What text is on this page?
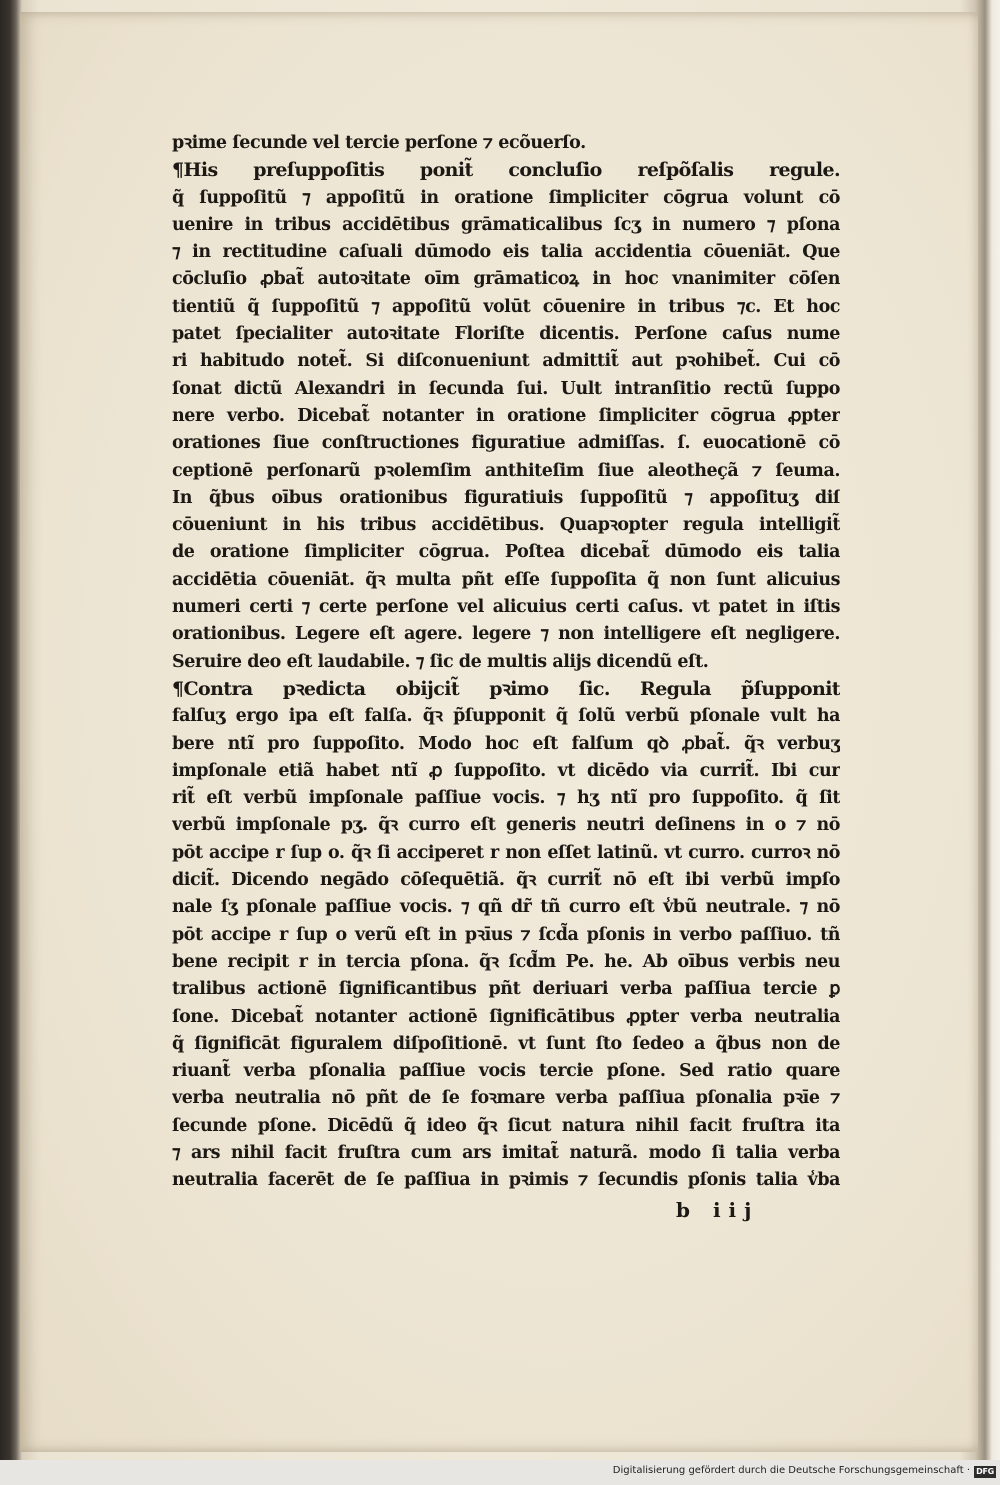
pꝛime ſecunde vel tercie perſone ⁊ ecõuerſo.
¶His preſuppoſitis ponit̃ concluſio reſpõſalis regule.
q̃ ſuppoſitũ ⁊ appoſitũ in oratione ſimpliciter cōgrua volunt cō
uenire in tribus accidētibus grāmaticalibus ſcʒ in numero ⁊ pſona
⁊ in rectitudine caſuali dūmodo eis talia accidentia cōueniāt. Que
cōcluſio ꝓbat̃ autoꝛitate oīm grāmaticoꝝ in hoc vnanimiter cōſen
tientiũ q̃ ſuppoſitũ ⁊ appoſitũ volūt cōuenire in tribus ⁊c. Et hoc
patet ſpecialiter autoꝛitate Floriſte dicentis. Perſone caſus nume
ri habitudo notet̃. Si diſconueniunt admittit̃ aut pꝛohibet̃. Cui cō
ſonat dictũ Alexandri in ſecunda ſui. Uult intranſitio rectũ ſuppo
nere verbo. Dicebat̃ notanter in oratione ſimpliciter cōgrua ꝓpter
orationes ſiue conſtructiones figuratiue admiſſas. ſ. euocationē cō
ceptionē perſonarũ pꝛolemſim anthiteſim ſiue aleotheçã ⁊ ſeuma.
In q̃bus oībus orationibus figuratiuis ſuppoſitũ ⁊ appoſituʒ diſ
cōueniunt in his tribus accidētibus. Quapꝛopter regula intelligit̃
de oratione ſimpliciter cōgrua. Poſtea dicebat̃ dūmodo eis talia
accidētia cōueniāt. q̃ꝛ multa pñt eſſe ſuppoſita q̃ non ſunt alicuius
numeri certi ⁊ certe perſone vel alicuius certi caſus. vt patet in iſtis
orationibus. Legere eſt agere. legere ⁊ non intelligere eſt negligere.
Seruire deo eſt laudabile. ⁊ ſic de multis alijs dicendũ eſt.
¶Contra pꝛedicta obijcit̃ pꝛimo ſic. Regula p̃ſupponit
falſuʒ ergo ipa eſt falſa. q̃ꝛ p̃ſupponit q̃ ſolũ verbũ pſonale vult ha
bere ntĩ pro ſuppoſito. Modo hoc eſt falſum qꝺ ꝓbat̃. q̃ꝛ verbuʒ
impſonale etiã habet ntĩ ꝓ ſuppoſito. vt dicēdo via currit̃. Ibi cur
rit̃ eſt verbũ impſonale paſſiue vocis. ⁊ hʒ ntĩ pro ſuppoſito. q̃ ſit
verbũ impſonale pʒ. q̃ꝛ curro eſt generis neutri deſinens in o ⁊ nō
pōt accipe r ſup o. q̃ꝛ ſi acciperet r non eſſet latinũ. vt curro. curroꝛ nō
dicit̃. Dicendo negādo cōſequētiã. q̃ꝛ currit̃ nō eſt ibi verbũ impſo
nale ſʒ pſonale paſſiue vocis. ⁊ qñ dr̃ tñ curro eſt v̾bũ neutrale. ⁊ nō
pōt accipe r ſup o verũ eſt in pꝛīus ⁊ ſcd̃a pſonis in verbo paſſiuo. tñ
bene recipit r in tercia pſona. q̃ꝛ ſcd̃m Pe. he. Ab oībus verbis neu
tralibus actionē ſignificantibus pñt deriuari verba paſſiua tercie ꝑ
ſone. Dicebat̃ notanter actionē ſignificātibus ꝓpter verba neutralia
q̃ ſignificāt figuralem diſpoſitionē. vt ſunt ſto ſedeo a q̃bus non de
riuant̃ verba pſonalia paſſiue vocis tercie pſone. Sed ratio quare
verba neutralia nō pñt de ſe foꝛmare verba paſſiua pſonalia pꝛīe ⁊
ſecunde pſone. Dicēdũ q̃ ideo q̃ꝛ ſicut natura nihil facit fruſtra ita
⁊ ars nihil facit fruſtra cum ars imitat̃ naturã. modo ſi talia verba
neutralia facerēt de ſe paſſiua in pꝛimis ⁊ ſecundis pſonis talia v̾ba
b iij
Digitalisierung gefördert durch die Deutsche Forschungsgemeinschaft · DFG
